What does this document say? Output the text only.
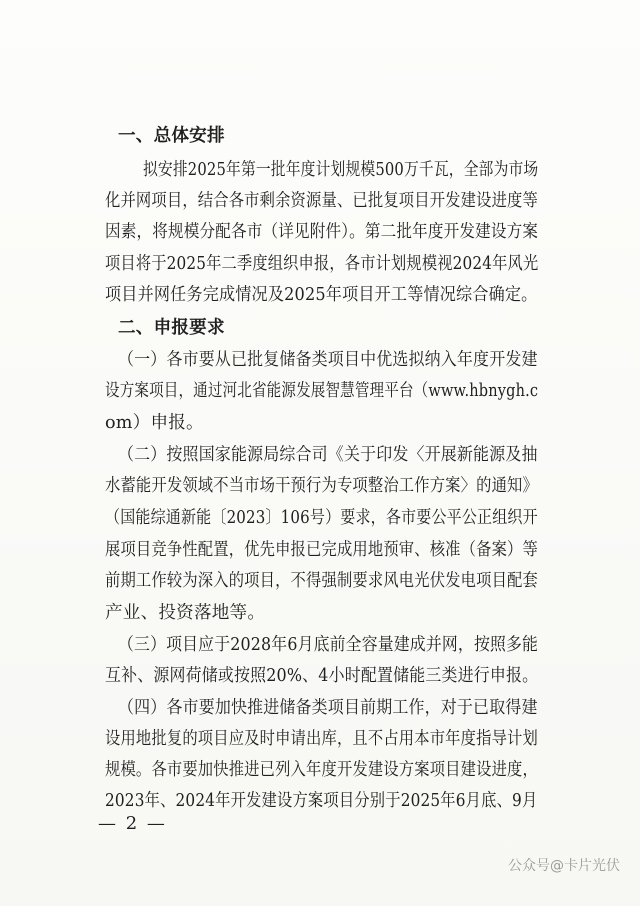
一、总体安排
拟安排2025年第一批年度计划规模500万千瓦，全部为市场
化并网项目，结合各市剩余资源量、已批复项目开发建设进度等
因素，将规模分配各市（详见附件）。第二批年度开发建设方案
项目将于2025年二季度组织申报，各市计划规模视2024年风光
项目并网任务完成情况及2025年项目开工等情况综合确定。
二、申报要求
（一）各市要从已批复储备类项目中优选拟纳入年度开发建
设方案项目，通过河北省能源发展智慧管理平台（www.hbnygh.c
om）申报。
（二）按照国家能源局综合司《关于印发〈开展新能源及抽
水蓄能开发领域不当市场干预行为专项整治工作方案〉的通知》
（国能综通新能〔2023〕106号）要求，各市要公平公正组织开
展项目竞争性配置，优先申报已完成用地预审、核准（备案）等
前期工作较为深入的项目，不得强制要求风电光伏发电项目配套
产业、投资落地等。
（三）项目应于2028年6月底前全容量建成并网，按照多能
互补、源网荷储或按照20%、4小时配置储能三类进行申报。
（四）各市要加快推进储备类项目前期工作，对于已取得建
设用地批复的项目应及时申请出库，且不占用本市年度指导计划
规模。各市要加快推进已列入年度开发建设方案项目建设进度，
2023年、2024年开发建设方案项目分别于2025年6月底、9月
— 2 —
公众号@卡片光伏
